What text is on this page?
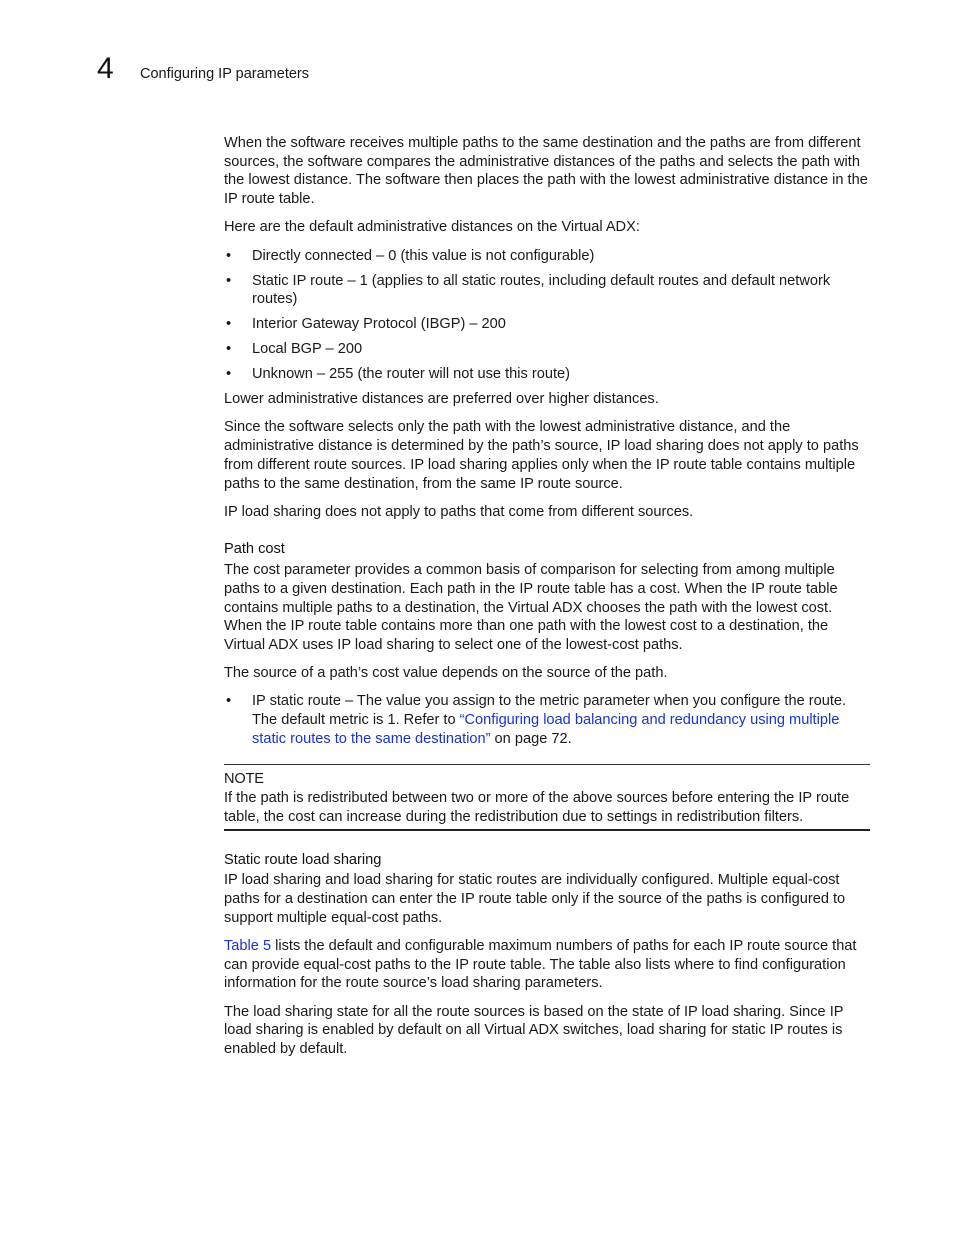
4 Configuring IP parameters

When the software receives multiple paths to the same destination and the paths are from different sources, the software compares the administrative distances of the paths and selects the path with the lowest distance. The software then places the path with the lowest administrative distance in the IP route table.

Here are the default administrative distances on the Virtual ADX:

• Directly connected – 0 (this value is not configurable)
• Static IP route – 1 (applies to all static routes, including default routes and default network routes)
• Interior Gateway Protocol (IBGP) – 200
• Local BGP – 200
• Unknown – 255 (the router will not use this route)

Lower administrative distances are preferred over higher distances.

Since the software selects only the path with the lowest administrative distance, and the administrative distance is determined by the path’s source, IP load sharing does not apply to paths from different route sources. IP load sharing applies only when the IP route table contains multiple paths to the same destination, from the same IP route source.

IP load sharing does not apply to paths that come from different sources.

Path cost

The cost parameter provides a common basis of comparison for selecting from among multiple paths to a given destination. Each path in the IP route table has a cost. When the IP route table contains multiple paths to a destination, the Virtual ADX chooses the path with the lowest cost. When the IP route table contains more than one path with the lowest cost to a destination, the Virtual ADX uses IP load sharing to select one of the lowest-cost paths.

The source of a path’s cost value depends on the source of the path.

• IP static route – The value you assign to the metric parameter when you configure the route. The default metric is 1. Refer to “Configuring load balancing and redundancy using multiple static routes to the same destination” on page 72.
NOTE
If the path is redistributed between two or more of the above sources before entering the IP route table, the cost can increase during the redistribution due to settings in redistribution filters.
Static route load sharing

IP load sharing and load sharing for static routes are individually configured. Multiple equal-cost paths for a destination can enter the IP route table only if the source of the paths is configured to support multiple equal-cost paths.

Table 5 lists the default and configurable maximum numbers of paths for each IP route source that can provide equal-cost paths to the IP route table. The table also lists where to find configuration information for the route source’s load sharing parameters.

The load sharing state for all the route sources is based on the state of IP load sharing. Since IP load sharing is enabled by default on all Virtual ADX switches, load sharing for static IP routes is enabled by default.
